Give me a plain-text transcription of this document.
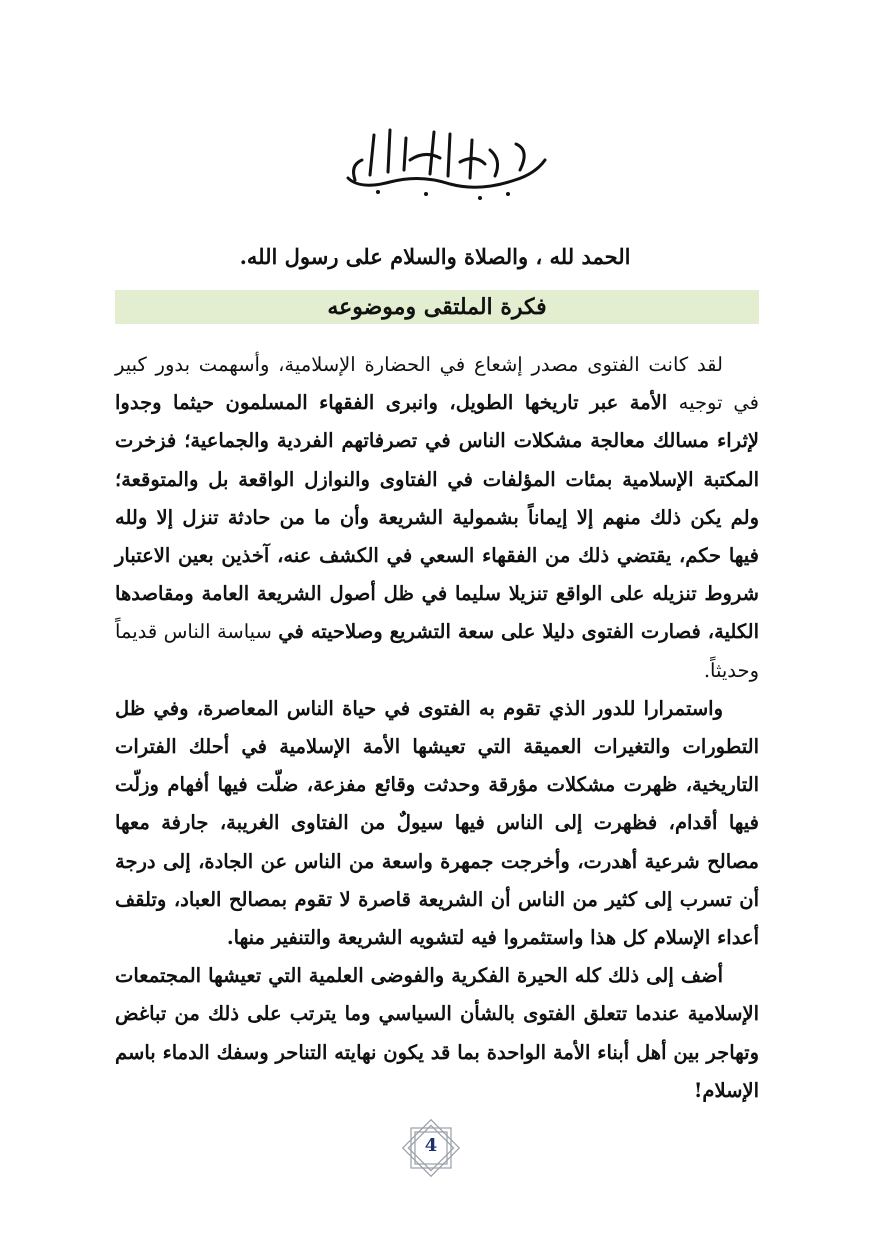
الحمد لله ، والصلاة والسلام على رسول الله.
فكرة الملتقى وموضوعه

لقد كانت الفتوى مصدر إشعاع في الحضارة الإسلامية، وأسهمت بدور كبير في توجيه الأمة عبر تاريخها الطويل، وانبرى الفقهاء المسلمون حيثما وجدوا لإثراء مسالك معالجة مشكلات الناس في تصرفاتهم الفردية والجماعية؛ فزخرت المكتبة الإسلامية بمئات المؤلفات في الفتاوى والنوازل الواقعة بل والمتوقعة؛ ولم يكن ذلك منهم إلا إيماناً بشمولية الشريعة وأن ما من حادثة تنزل إلا ولله فيها حكم، يقتضي ذلك من الفقهاء السعي في الكشف عنه، آخذين بعين الاعتبار شروط تنزيله على الواقع تنزيلا سليما في ظل أصول الشريعة العامة ومقاصدها الكلية، فصارت الفتوى دليلا على سعة التشريع وصلاحيته في سياسة الناس قديماً وحديثاً.

واستمرارا للدور الذي تقوم به الفتوى في حياة الناس المعاصرة، وفي ظل التطورات والتغيرات العميقة التي تعيشها الأمة الإسلامية في أحلك الفترات التاريخية، ظهرت مشكلات مؤرقة وحدثت وقائع مفزعة، ضلّت فيها أفهام وزلّت فيها أقدام، فظهرت إلى الناس فيها سيولٌ من الفتاوى الغريبة، جارفة معها مصالح شرعية أهدرت، وأخرجت جمهرة واسعة من الناس عن الجادة، إلى درجة أن تسرب إلى كثير من الناس أن الشريعة قاصرة لا تقوم بمصالح العباد، وتلقف أعداء الإسلام كل هذا واستثمروا فيه لتشويه الشريعة والتنفير منها.

أضف إلى ذلك كله الحيرة الفكرية والفوضى العلمية التي تعيشها المجتمعات الإسلامية عندما تتعلق الفتوى بالشأن السياسي وما يترتب على ذلك من تباغض وتهاجر بين أهل أبناء الأمة الواحدة بما قد يكون نهايته التناحر وسفك الدماء باسم الإسلام!

4
